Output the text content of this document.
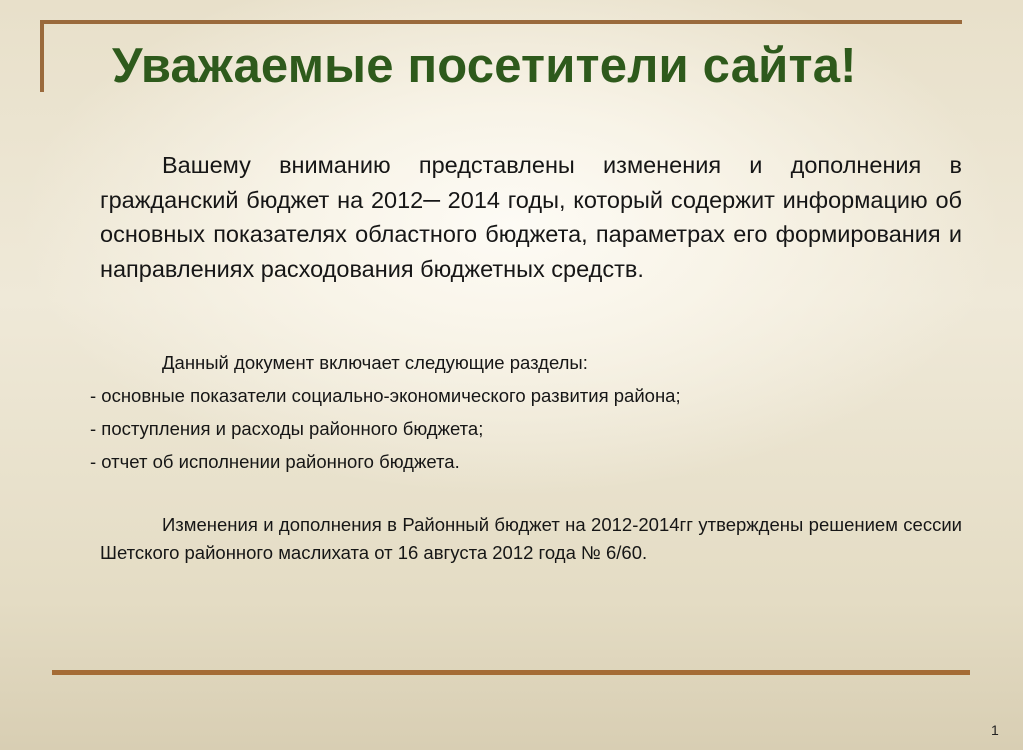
Уважаемые посетители сайта!

Вашему вниманию представлены изменения и дополнения в гражданский бюджет на 2012─ 2014 годы, который содержит информацию об основных показателях областного бюджета, параметрах его формирования и направлениях расходования бюджетных средств.

Данный документ включает следующие разделы:

- основные показатели социально-экономического развития района;
- поступления и расходы районного бюджета;
- отчет об исполнении районного бюджета.

Изменения и дополнения в Районный бюджет на 2012-2014гг утверждены решением сессии Шетского районного маслихата от 16 августа 2012 года № 6/60.

1
